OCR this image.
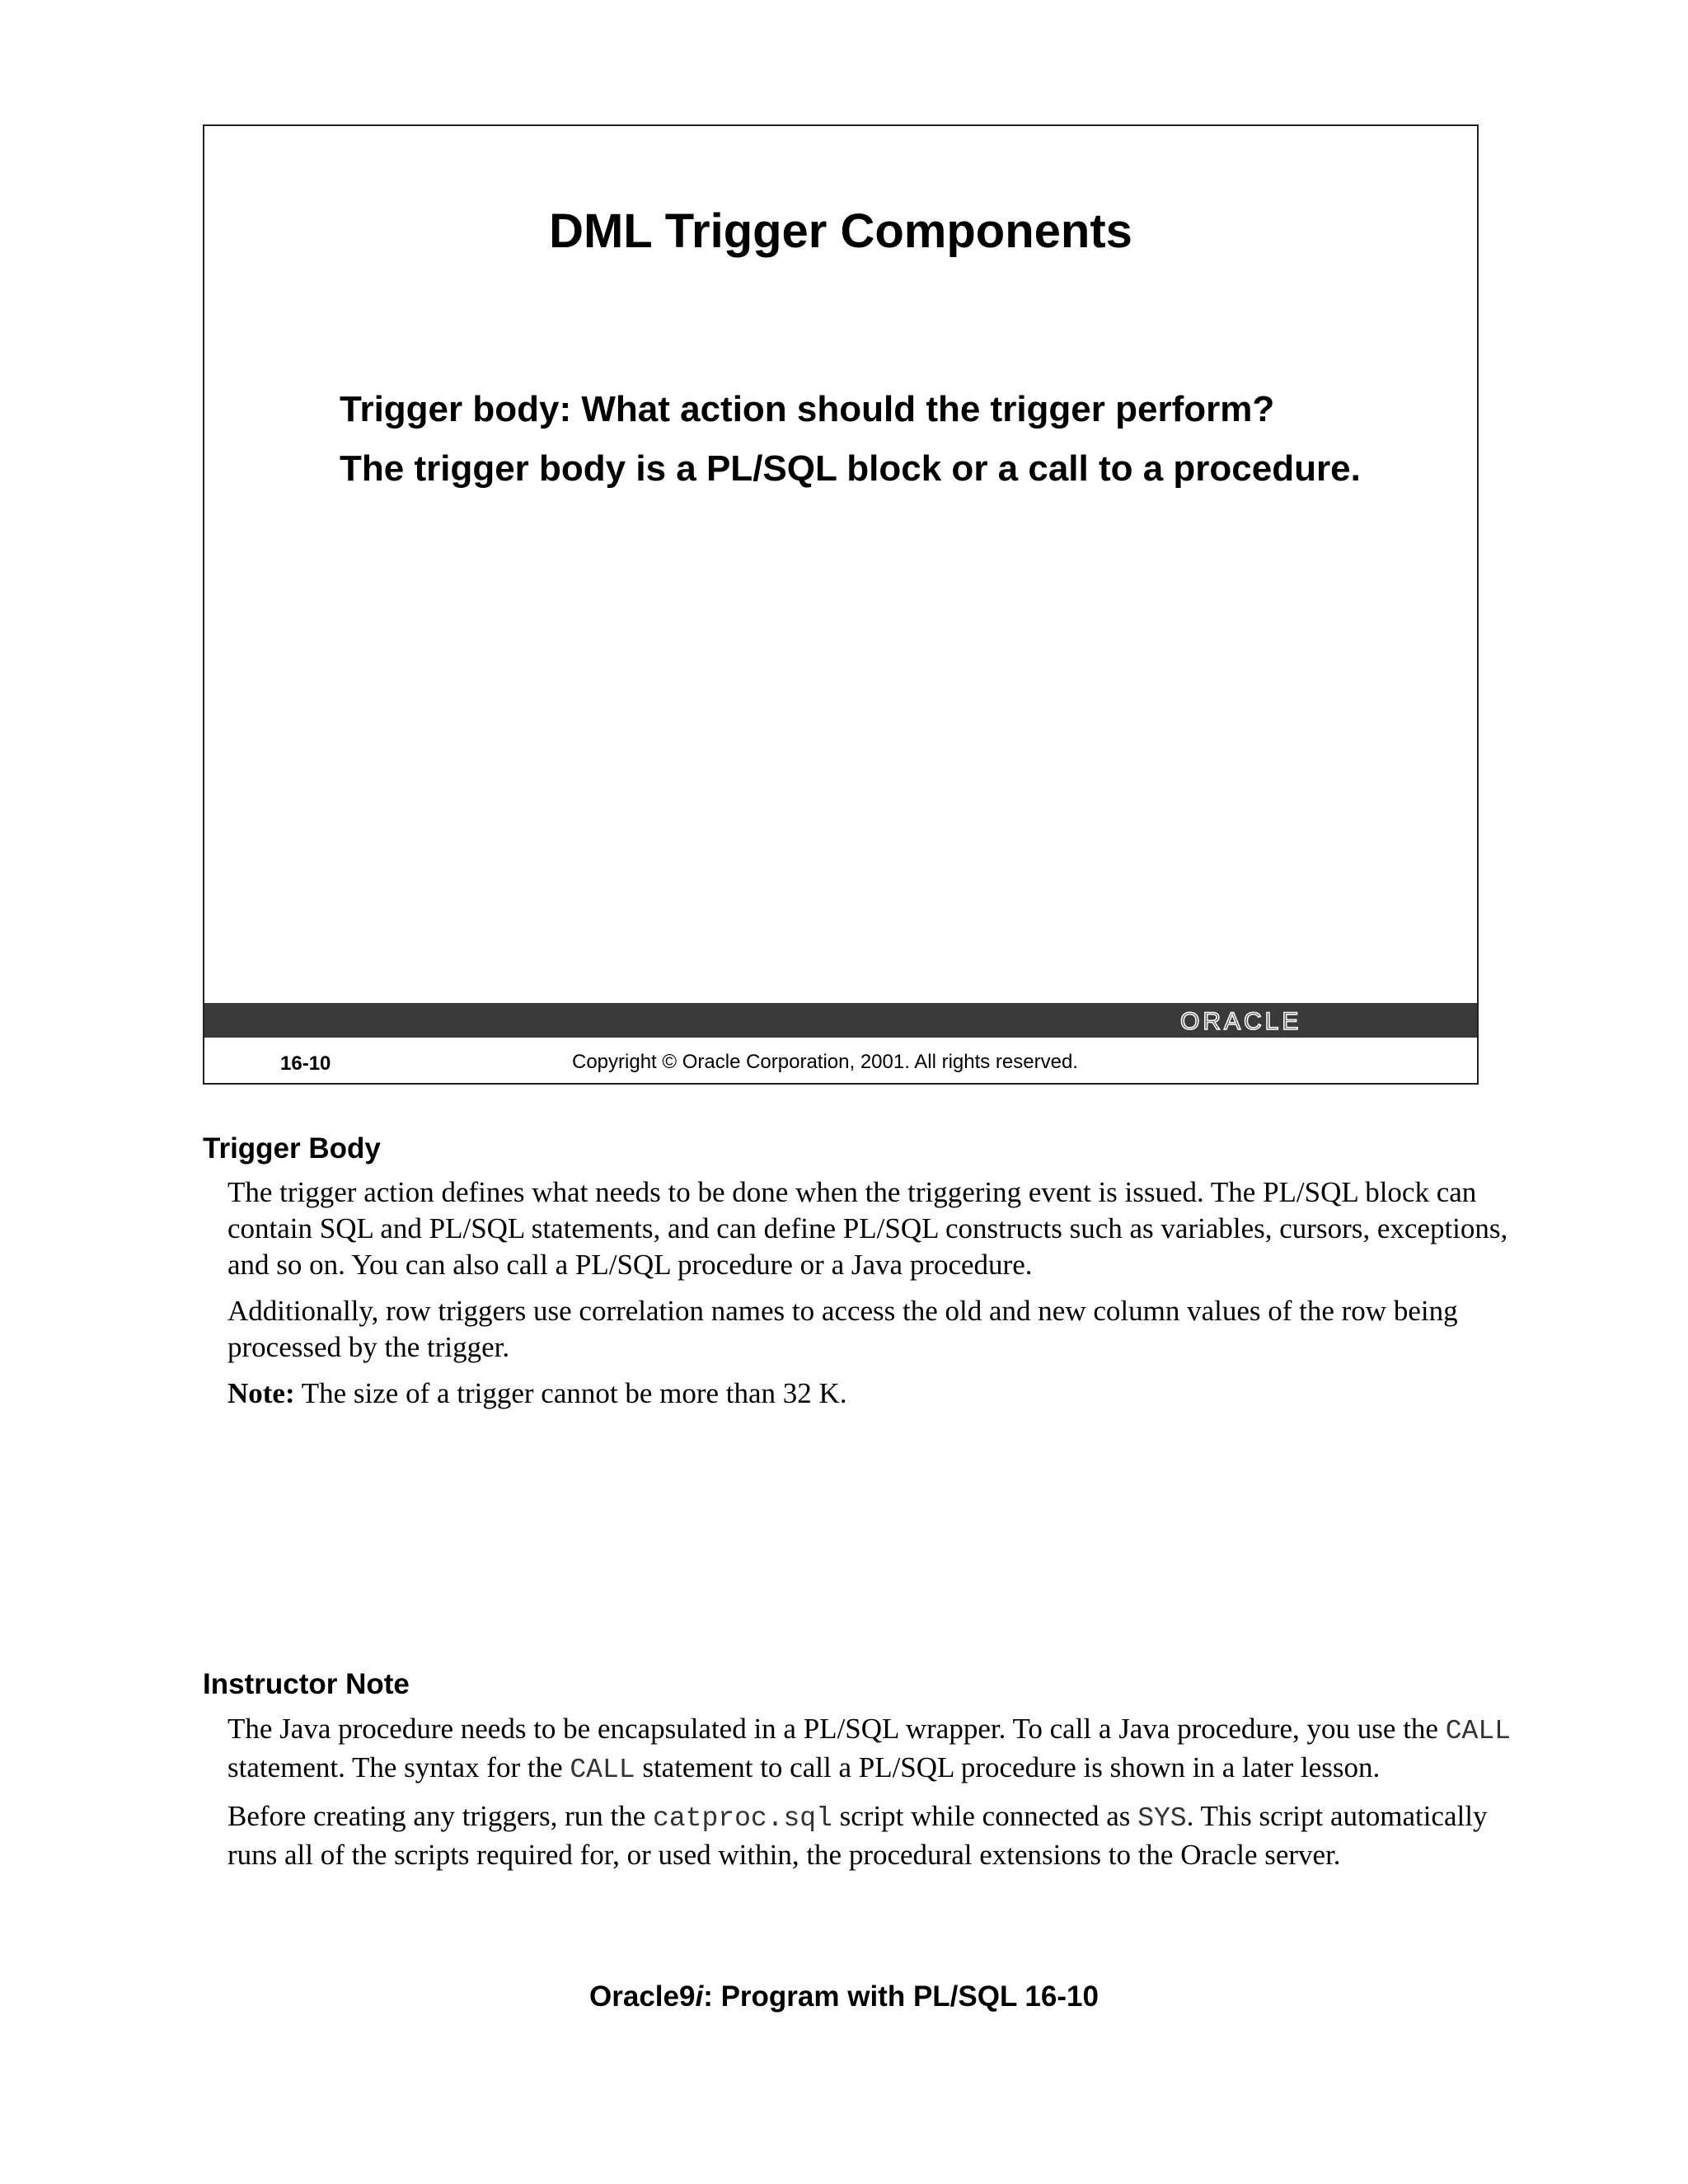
DML Trigger Components

Trigger body: What action should the trigger perform?

The trigger body is a PL/SQL block or a call to a procedure.

ORACLE
16-10	Copyright © Oracle Corporation, 2001. All rights reserved.
Trigger Body

The trigger action defines what needs to be done when the triggering event is issued. The PL/SQL block can contain SQL and PL/SQL statements, and can define PL/SQL constructs such as variables, cursors, exceptions, and so on. You can also call a PL/SQL procedure or a Java procedure.

Additionally, row triggers use correlation names to access the old and new column values of the row being processed by the trigger.

Note: The size of a trigger cannot be more than 32 K.

Instructor Note

The Java procedure needs to be encapsulated in a PL/SQL wrapper. To call a Java procedure, you use the CALL statement. The syntax for the CALL statement to call a PL/SQL procedure is shown in a later lesson.

Before creating any triggers, run the catproc.sql script while connected as SYS. This script automatically runs all of the scripts required for, or used within, the procedural extensions to the Oracle server.

Oracle9i: Program with PL/SQL 16-10
